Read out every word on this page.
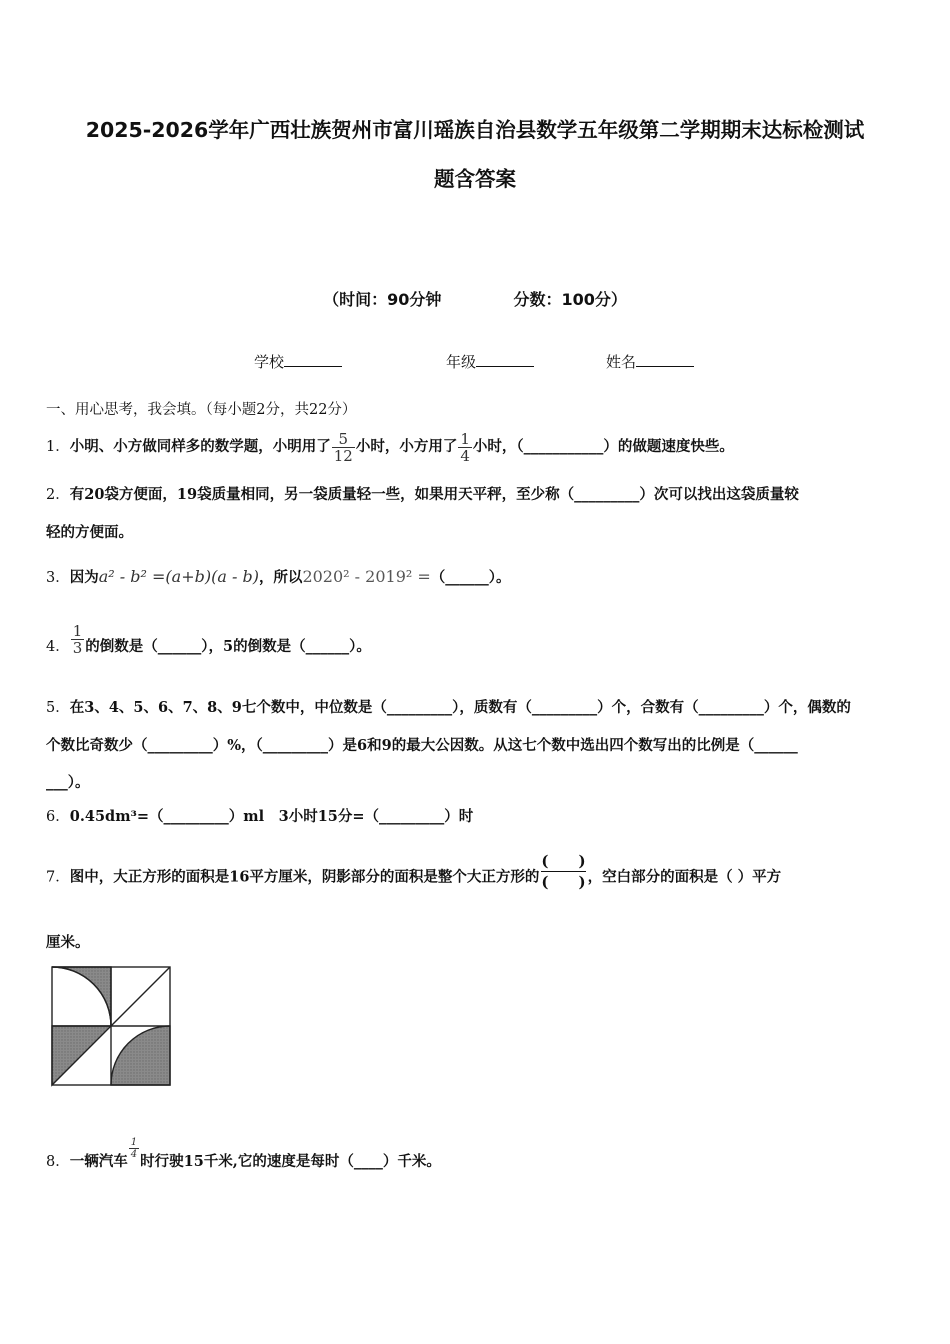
2025-2026学年广西壮族贺州市富川瑶族自治县数学五年级第二学期期末达标检测试
题含答案
（时间：90分钟	分数：100分）
学校	年级	姓名
一、用心思考，我会填。（每小题2分，共22分）
1．小明、小方做同样多的数学题，小明用了 $\frac{5}{12}$ 小时，小方用了 $\frac{1}{4}$ 小时，（___________）的做题速度快些。
2．有20袋方便面，19袋质量相同，另一袋质量轻一些，如果用天平秤，至少称（_________）次可以找出这袋质量较
轻的方便面。
3．因为a² - b² =(a+b)(a - b)，所以2020² - 2019² =（______）。
4． $\frac{1}{3}$ 的倒数是（______），5的倒数是（______）。
5．在3、4、5、6、7、8、9七个数中，中位数是（_________），质数有（_________）个，合数有（_________）个，偶数的
个数比奇数少（_________）%，（_________）是6和9的最大公因数。从这七个数中选出四个数写出的比例是（______
___）。
6．0.45dm³=（_________）ml　3小时15分=（_________）时
7．图中，大正方形的面积是16平方厘米，阴影部分的面积是整个大正方形的
(　　)
(　　) ，空白部分的面积是（ ）平方
厘米。
8．一辆汽车
$\frac{1}{4}$
时行驶15千米,它的速度是每时（____）千米。
